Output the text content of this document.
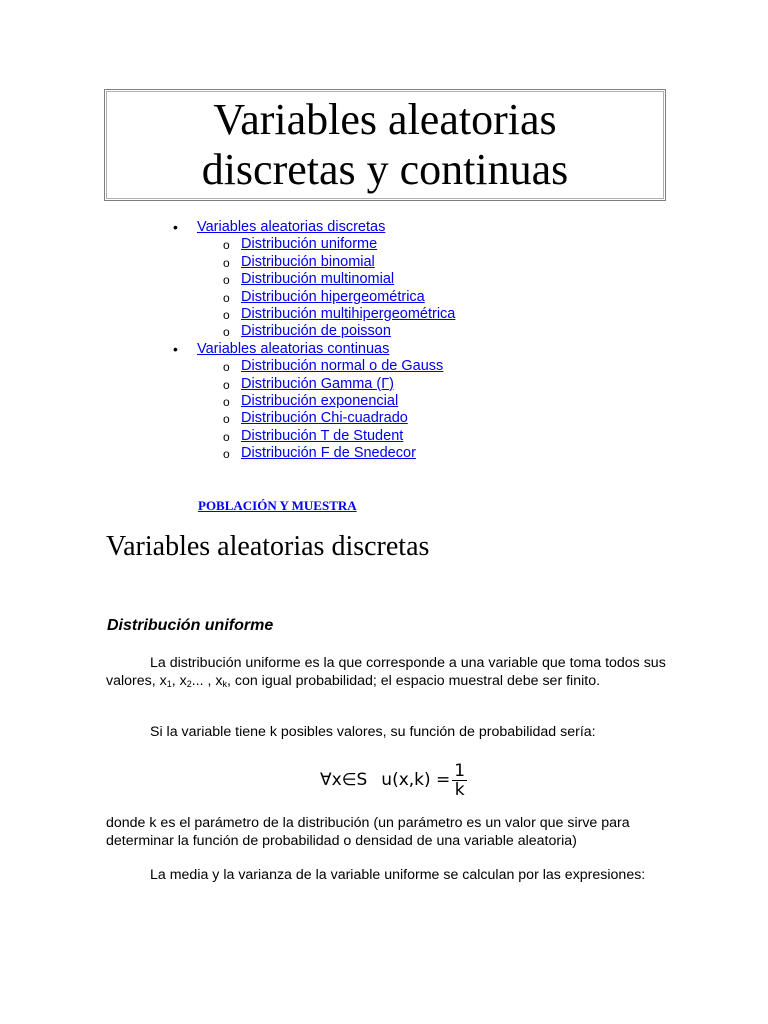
Variables aleatorias
discretas y continuas
• Variables aleatorias discretas
o Distribución uniforme
o Distribución binomial
o Distribución multinomial
o Distribución hipergeométrica
o Distribución multihipergeométrica
o Distribución de poisson
• Variables aleatorias continuas
o Distribución normal o de Gauss
o Distribución Gamma (Γ)
o Distribución exponencial
o Distribución Chi-cuadrado
o Distribución T de Student
o Distribución F de Snedecor
POBLACIÓN Y MUESTRA
Variables aleatorias discretas
Distribución uniforme

La distribución uniforme es la que corresponde a una variable que toma todos sus valores, $x_1$, $x_2$... , $x_k$, con igual probabilidad; el espacio muestral debe ser finito.

Si la variable tiene k posibles valores, su función de probabilidad sería:

∀x∈S $u(x,k) = \frac{1}{k}$

donde k es el parámetro de la distribución (un parámetro es un valor que sirve para determinar la función de probabilidad o densidad de una variable aleatoria)

La media y la varianza de la variable uniforme se calculan por las expresiones:
